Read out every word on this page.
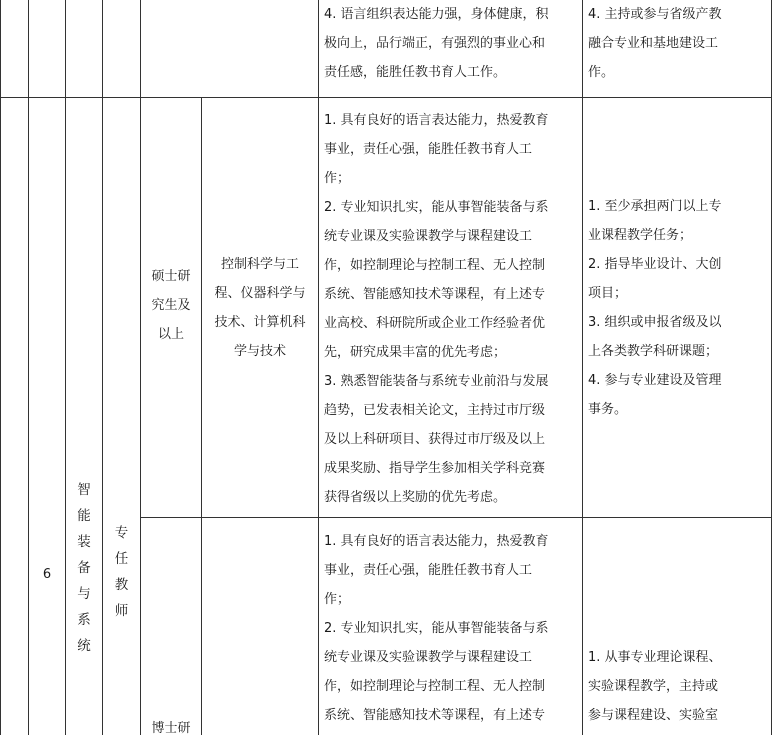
4. 语言组织表达能力强，身体健康，积

极向上，品行端正，有强烈的事业心和

责任感，能胜任教书育人工作。

4. 主持或参与省级产教

融合专业和基地建设工

作。

6
智
能
装
备
与
系
统
专
任
教
师

硕士研

究生及

以上

控制科学与工

程、仪器科学与

技术、计算机科

学与技术

1. 具有良好的语言表达能力，热爱教育

事业，责任心强，能胜任教书育人工

作；

2. 专业知识扎实，能从事智能装备与系

统专业课及实验课教学与课程建设工

作，如控制理论与控制工程、无人控制

系统、智能感知技术等课程，有上述专

业高校、科研院所或企业工作经验者优

先，研究成果丰富的优先考虑；

3. 熟悉智能装备与系统专业前沿与发展

趋势，已发表相关论文，主持过市厅级

及以上科研项目、获得过市厅级及以上

成果奖励、指导学生参加相关学科竞赛

获得省级以上奖励的优先考虑。

1. 至少承担两门以上专

业课程教学任务；

2. 指导毕业设计、大创

项目；

3. 组织或申报省级及以

上各类教学科研课题；

4. 参与专业建设及管理

事务。

博士研

1. 具有良好的语言表达能力，热爱教育

事业，责任心强，能胜任教书育人工

作；

2. 专业知识扎实，能从事智能装备与系

统专业课及实验课教学与课程建设工

作，如控制理论与控制工程、无人控制

系统、智能感知技术等课程，有上述专

1. 从事专业理论课程、

实验课程教学，主持或

参与课程建设、实验室
